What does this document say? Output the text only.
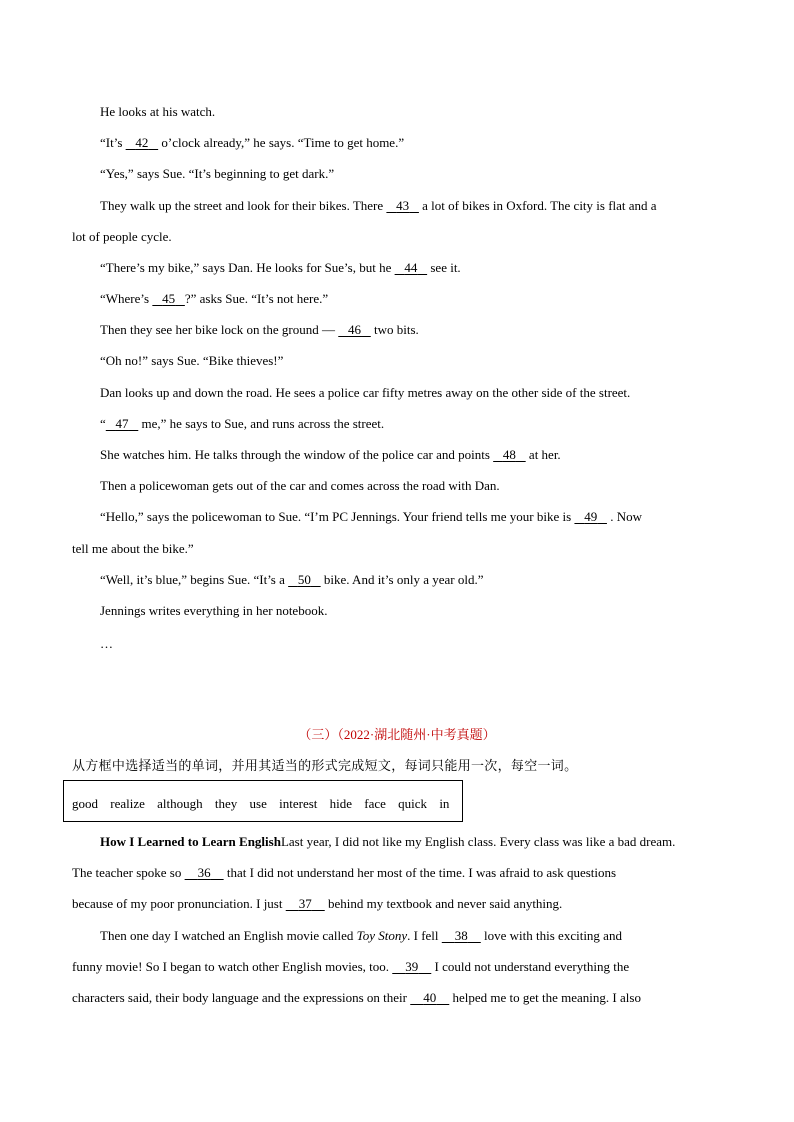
He looks at his watch.
“It’s    42    o’clock already,” he says. “Time to get home.”
“Yes,” says Sue. “It’s beginning to get dark.”
They walk up the street and look for their bikes. There    43    a lot of bikes in Oxford. The city is flat and a
lot of people cycle.
“There’s my bike,” says Dan. He looks for Sue’s, but he    44    see it.
“Where’s    45 ?” asks Sue. “It’s not here.”
Then they see her bike lock on the ground —    46    two bits.
“Oh no!” says Sue. “Bike thieves!”
Dan looks up and down the road. He sees a police car fifty metres away on the other side of the street.
“ 47    me,” he says to Sue, and runs across the street.
She watches him. He talks through the window of the police car and points    48    at her.
Then a policewoman gets out of the car and comes across the road with Dan.
“Hello,” says the policewoman to Sue. “I’m PC Jennings. Your friend tells me your bike is    49    . Now
tell me about the bike.”
“Well, it’s blue,” begins Sue. “It’s a    50    bike. And it’s only a year old.”
Jennings writes everything in her notebook.
…
（三）（2022·湖北随州·中考真题）
从方框中选择适当的单词，并用其适当的形式完成短文，每词只能用一次，每空一词。
good realize although they use interest hide face quick in
How I Learned to Learn EnglishLast year, I did not like my English class. Every class was like a bad dream.
The teacher spoke so     36     that I did not understand her most of the time. I was afraid to ask questions
because of my poor pronunciation. I just     37     behind my textbook and never said anything.
Then one day I watched an English movie called Toy Stony. I fell     38     love with this exciting and
funny movie! So I began to watch other English movies, too.     39     I could not understand everything the
characters said, their body language and the expressions on their     40     helped me to get the meaning. I also
